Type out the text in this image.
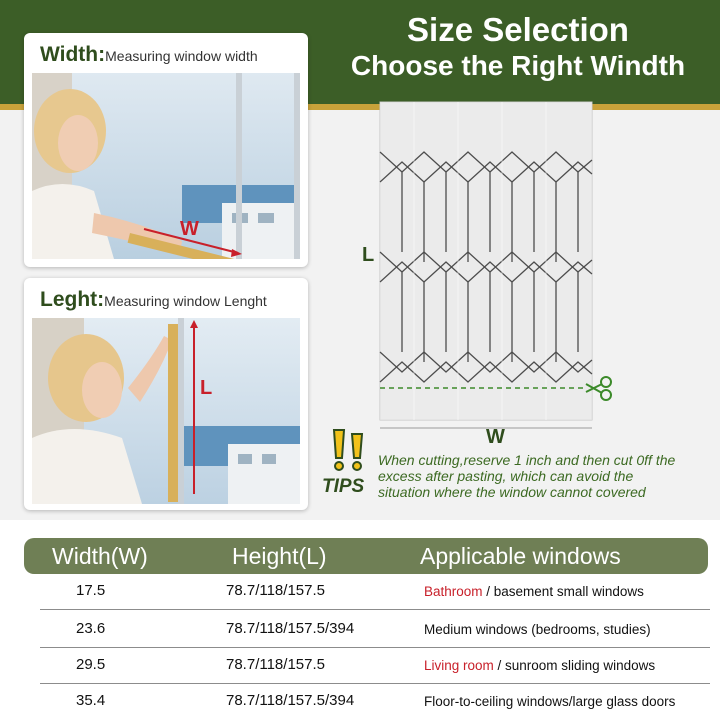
Size Selection
Choose the Right Windth
Width:Measuring window width
W
Leght:Measuring window Lenght
L
L
W
TIPS
When cutting,reserve 1 inch and then cut 0ff the excess after pasting, which can avoid the situation where the window cannot covered
Width(W)	Height(L)	Applicable windows
17.5	78.7/118/157.5	Bathroom / basement small windows
23.6	78.7/118/157.5/394	Medium windows (bedrooms, studies)
29.5	78.7/118/157.5	Living room / sunroom sliding windows
35.4	78.7/118/157.5/394	Floor-to-ceiling windows/large glass doors
